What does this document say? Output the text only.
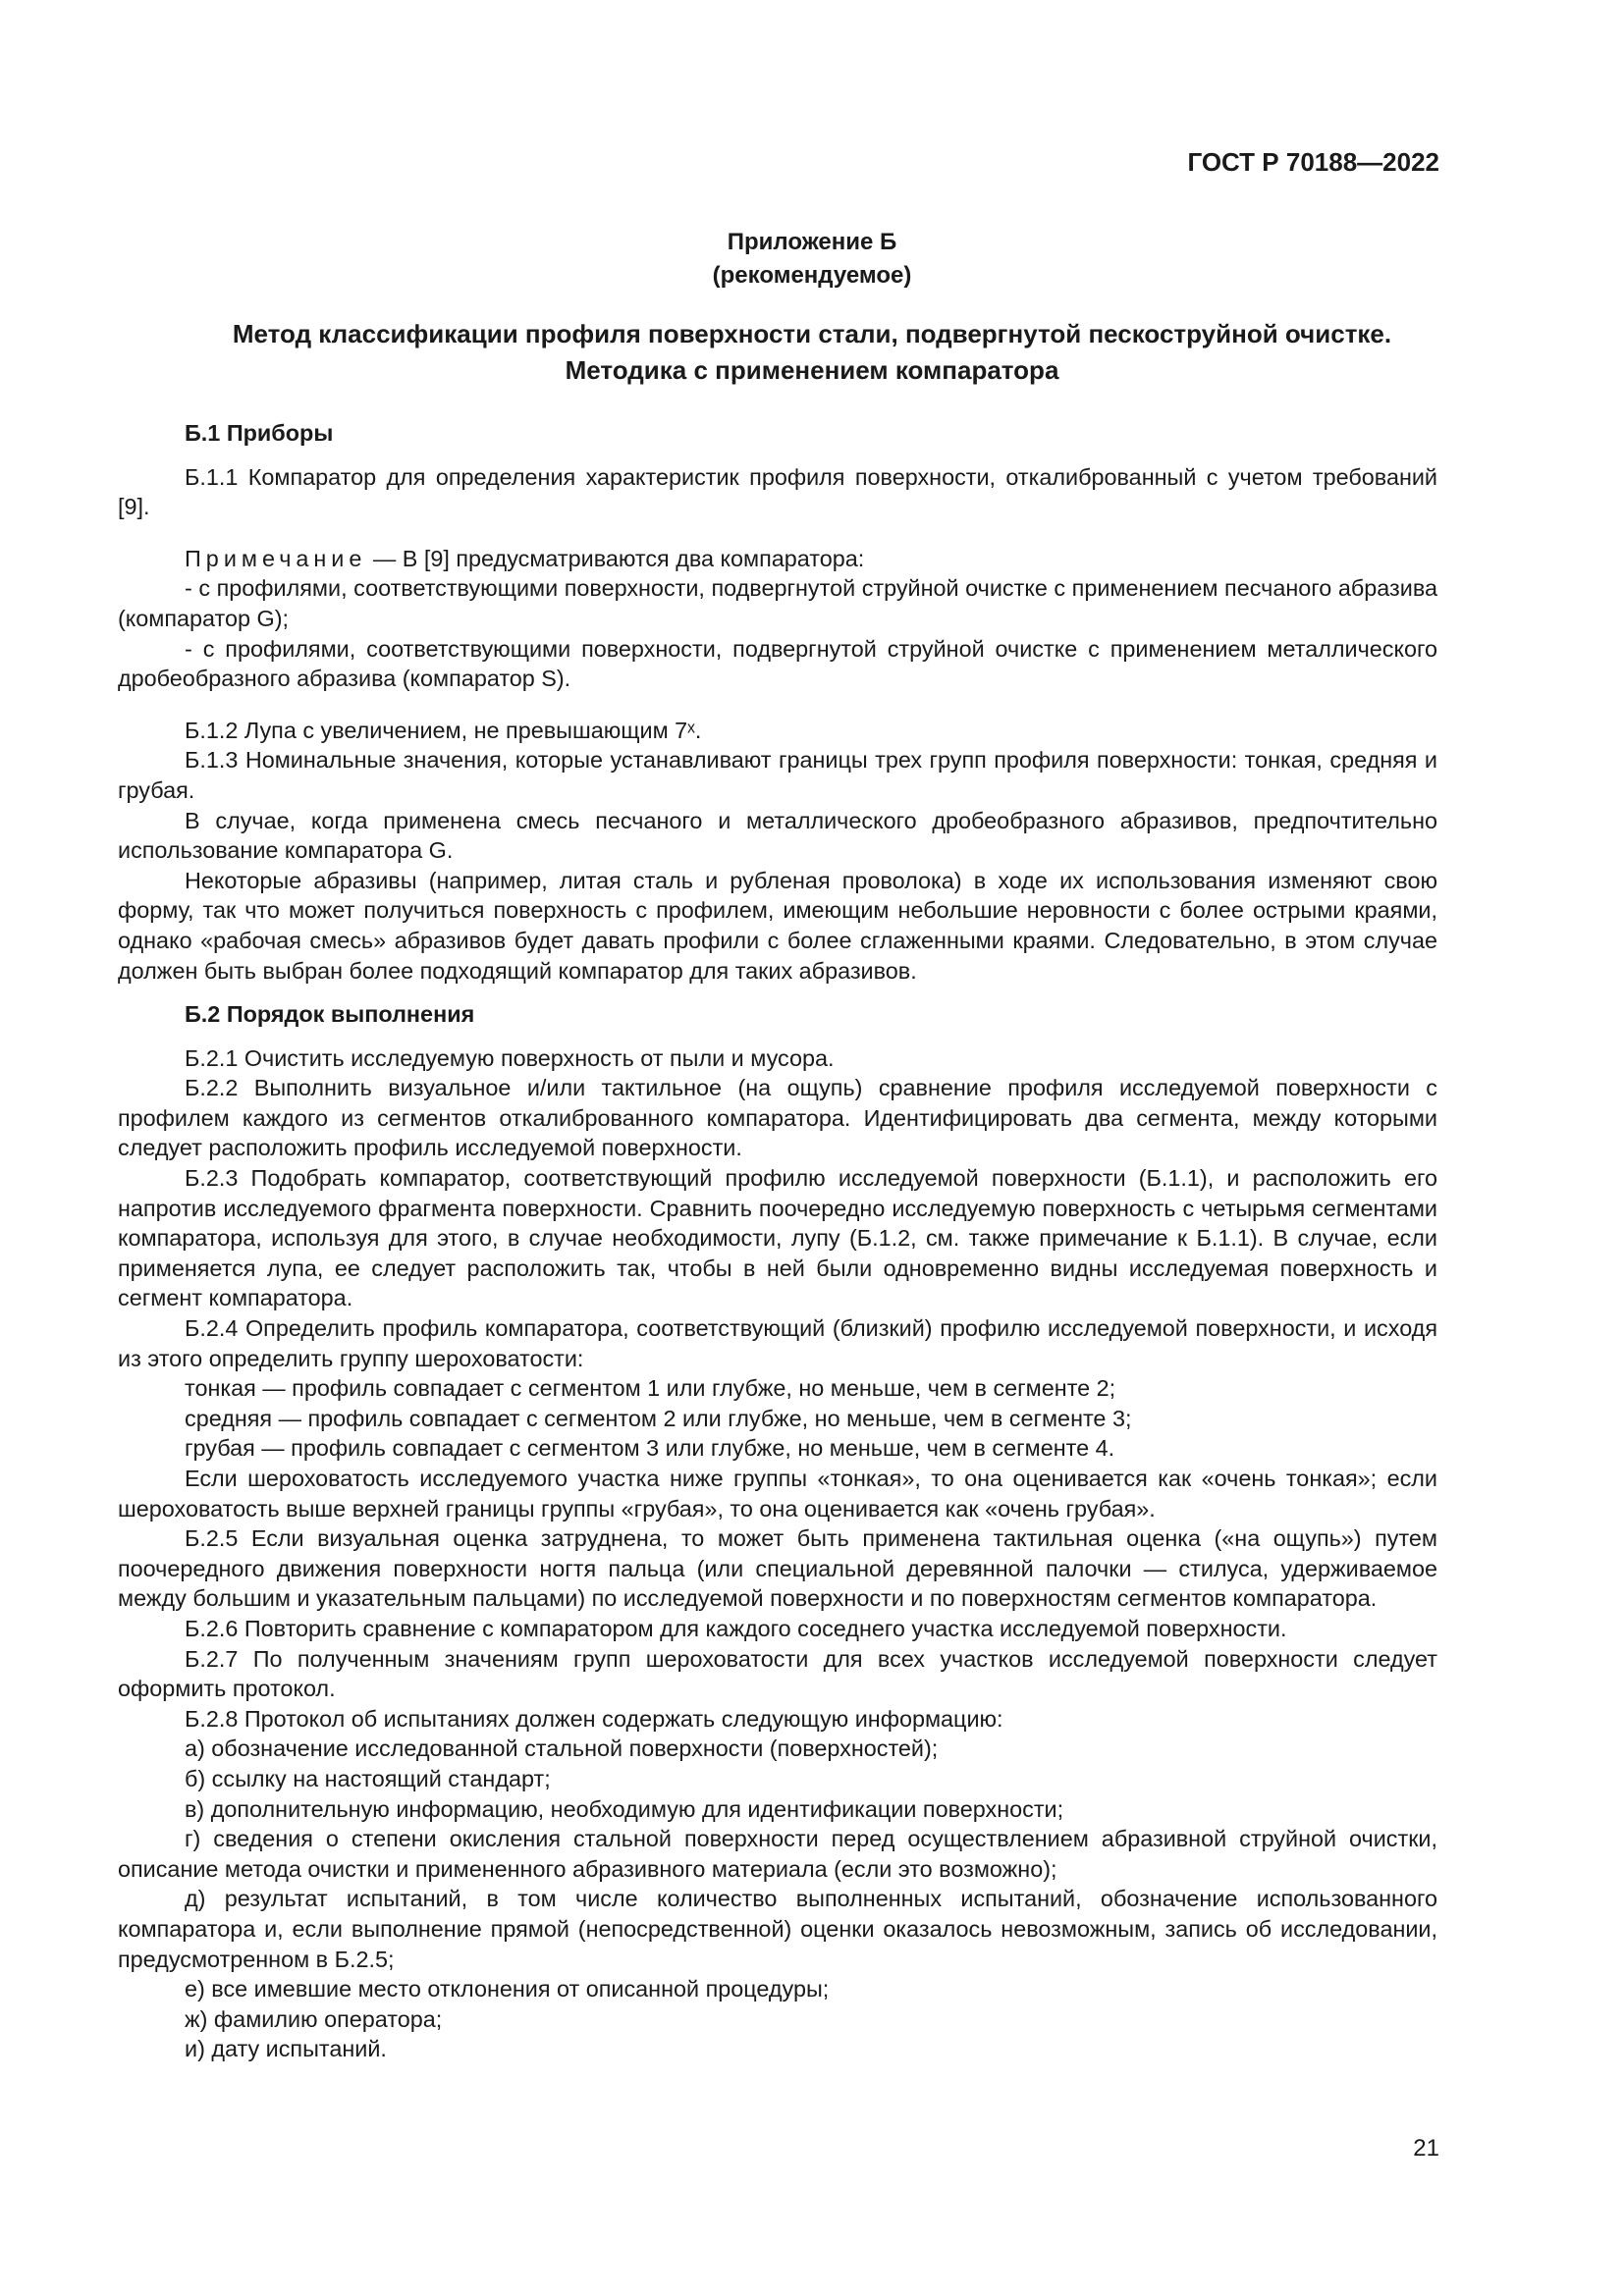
ГОСТ Р 70188—2022
Приложение Б
(рекомендуемое)
Метод классификации профиля поверхности стали, подвергнутой пескоструйной очистке.
Методика с применением компаратора

Б.1 Приборы

Б.1.1 Компаратор для определения характеристик профиля поверхности, откалиброванный с учетом требований [9].

Примечание — В [9] предусматриваются два компаратора:

- с профилями, соответствующими поверхности, подвергнутой струйной очистке с применением песчаного абразива (компаратор G);

- с профилями, соответствующими поверхности, подвергнутой струйной очистке с применением металлического дробеобразного абразива (компаратор S).

Б.1.2 Лупа с увеличением, не превышающим 7ˣ.

Б.1.3 Номинальные значения, которые устанавливают границы трех групп профиля поверхности: тонкая, средняя и грубая.

В случае, когда применена смесь песчаного и металлического дробеобразного абразивов, предпочтительно использование компаратора G.

Некоторые абразивы (например, литая сталь и рубленая проволока) в ходе их использования изменяют свою форму, так что может получиться поверхность с профилем, имеющим небольшие неровности с более острыми краями, однако «рабочая смесь» абразивов будет давать профили с более сглаженными краями. Следовательно, в этом случае должен быть выбран более подходящий компаратор для таких абразивов.

Б.2 Порядок выполнения

Б.2.1 Очистить исследуемую поверхность от пыли и мусора.

Б.2.2 Выполнить визуальное и/или тактильное (на ощупь) сравнение профиля исследуемой поверхности с профилем каждого из сегментов откалиброванного компаратора. Идентифицировать два сегмента, между которыми следует расположить профиль исследуемой поверхности.

Б.2.3 Подобрать компаратор, соответствующий профилю исследуемой поверхности (Б.1.1), и расположить его напротив исследуемого фрагмента поверхности. Сравнить поочередно исследуемую поверхность с четырьмя сегментами компаратора, используя для этого, в случае необходимости, лупу (Б.1.2, см. также примечание к Б.1.1). В случае, если применяется лупа, ее следует расположить так, чтобы в ней были одновременно видны исследуемая поверхность и сегмент компаратора.

Б.2.4 Определить профиль компаратора, соответствующий (близкий) профилю исследуемой поверхности, и исходя из этого определить группу шероховатости:

тонкая — профиль совпадает с сегментом 1 или глубже, но меньше, чем в сегменте 2;

средняя — профиль совпадает с сегментом 2 или глубже, но меньше, чем в сегменте 3;

грубая — профиль совпадает с сегментом 3 или глубже, но меньше, чем в сегменте 4.

Если шероховатость исследуемого участка ниже группы «тонкая», то она оценивается как «очень тонкая»; если шероховатость выше верхней границы группы «грубая», то она оценивается как «очень грубая».

Б.2.5 Если визуальная оценка затруднена, то может быть применена тактильная оценка («на ощупь») путем поочередного движения поверхности ногтя пальца (или специальной деревянной палочки — стилуса, удерживаемое между большим и указательным пальцами) по исследуемой поверхности и по поверхностям сегментов компаратора.

Б.2.6 Повторить сравнение с компаратором для каждого соседнего участка исследуемой поверхности.

Б.2.7 По полученным значениям групп шероховатости для всех участков исследуемой поверхности следует оформить протокол.

Б.2.8 Протокол об испытаниях должен содержать следующую информацию:

а) обозначение исследованной стальной поверхности (поверхностей);

б) ссылку на настоящий стандарт;

в) дополнительную информацию, необходимую для идентификации поверхности;

г) сведения о степени окисления стальной поверхности перед осуществлением абразивной струйной очистки, описание метода очистки и примененного абразивного материала (если это возможно);

д) результат испытаний, в том числе количество выполненных испытаний, обозначение использованного компаратора и, если выполнение прямой (непосредственной) оценки оказалось невозможным, запись об исследовании, предусмотренном в Б.2.5;

е) все имевшие место отклонения от описанной процедуры;

ж) фамилию оператора;

и) дату испытаний.

21
